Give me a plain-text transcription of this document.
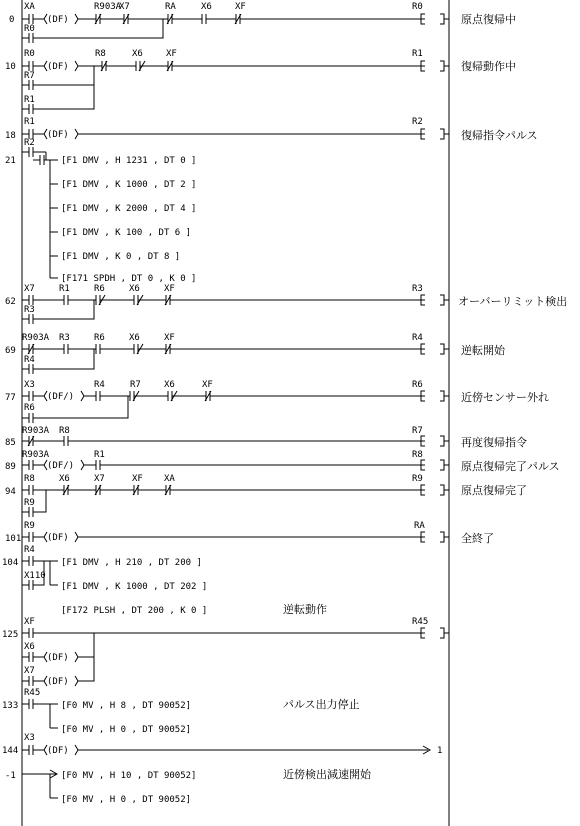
0
XA
(DF)
R903A
X7	RA	X6	XF	R0
R0
原点復帰中
10
R0
(DF)
R8	X6	XF	R1
R7
R1
復帰動作中
18
R1
(DF)
R2
R2
復帰指令パルス
21	[F1 DMV , H 1231 , DT 0 ]
[F1 DMV , K 1000 , DT 2 ]
[F1 DMV , K 2000 , DT 4 ]
[F1 DMV , K 100 , DT 6 ]
[F1 DMV , K 0 , DT 8 ]
[F171 SPDH , DT 0 , K 0 ]
62
X7	R1	R6	X6	XF	R3
R3
オーバーリミット検出
69
R903A R3	R6	X6	XF	R4
R4
逆転開始
77
X3
(DF/)
R4	R7	X6	XF	R6
R6
近傍センサー外れ
85
R903A R8	R7
再度復帰指令
89
R903A
(DF/)
R1	R8
原点復帰完了パルス
94
R8	X6	X7	XF XA	R9
R9
原点復帰完了
101
R9
(DF)
RA
全終了
104
R4
X110
[F1 DMV , H 210 , DT 200 ]
[F1 DMV , K 1000 , DT 202 ]
[F172 PLSH , DT 200 , K 0 ]	逆転動作
125
XF	R45
X6
(DF)
X7
(DF)
133
R45
[F0 MV , H 8 , DT 90052]	パルス出力停止
[F0 MV , H 0 , DT 90052]
144
X3
(DF)	1
-1	[F0 MV , H 10 , DT 90052]	近傍検出減速開始
[F0 MV , H 0 , DT 90052]
